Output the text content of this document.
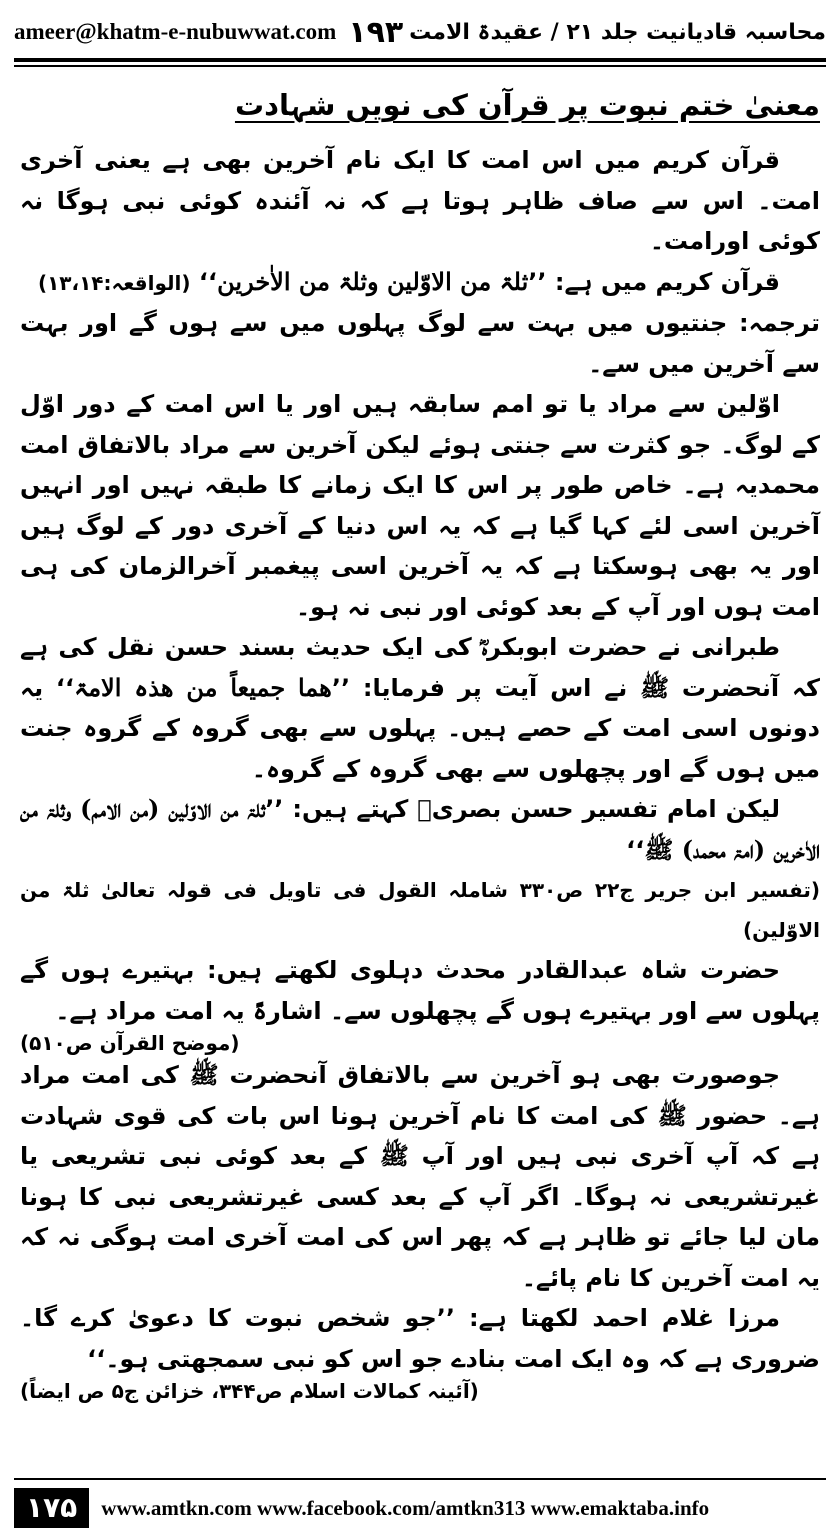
ameer@khatm-e-nubuwwat.com ۱۹۳ محاسبہ قادیانیت جلد ۲۱ / عقیدۃ الامت
معنیٰ ختم نبوت پر قرآن کی نویں شہادت

قرآن کریم میں اس امت کا ایک نام آخرین بھی ہے یعنی آخری امت۔ اس سے صاف ظاہر ہوتا ہے کہ نہ آئندہ کوئی نبی ہوگا نہ کوئی اورامت۔

قرآن کریم میں ہے: ’’ثلۃ من الاوّلین وثلۃ من الاٰخرین‘‘ (الواقعہ:۱۳،۱۴)

ترجمہ: جنتیوں میں بہت سے لوگ پہلوں میں سے ہوں گے اور بہت سے آخرین میں سے۔

اوّلین سے مراد یا تو امم سابقہ ہیں اور یا اس امت کے دور اوّل کے لوگ۔ جو کثرت سے جنتی ہوئے لیکن آخرین سے مراد بالاتفاق امت محمدیہ ہے۔ خاص طور پر اس کا ایک زمانے کا طبقہ نہیں اور انہیں آخرین اسی لئے کہا گیا ہے کہ یہ اس دنیا کے آخری دور کے لوگ ہیں اور یہ بھی ہوسکتا ہے کہ یہ آخرین اسی پیغمبر آخرالزمان کی ہی امت ہوں اور آپ کے بعد کوئی اور نبی نہ ہو۔

طبرانی نے حضرت ابوبکرہؓ کی ایک حدیث بسند حسن نقل کی ہے کہ آنحضرت ﷺ نے اس آیت پر فرمایا: ’’ھما جمیعاً من ھذہ الامۃ‘‘ یہ دونوں اسی امت کے حصے ہیں۔ پہلوں سے بھی گروہ کے گروہ جنت میں ہوں گے اور پچھلوں سے بھی گروہ کے گروہ۔

لیکن امام تفسیر حسن بصریؒ کہتے ہیں: ’’ثلۃ من الاوّلین (من الامم) وثلۃ من الاٰخرین (امۃ محمد) ﷺ‘‘

(تفسیر ابن جریر ج۲۲ ص۳۳۰ شاملہ القول فی تاویل فی قولہ تعالیٰ ثلۃ من الاوّلین)

حضرت شاہ عبدالقادر محدث دہلوی لکھتے ہیں: بہتیرے ہوں گے پہلوں سے اور بہتیرے ہوں گے پچھلوں سے۔ اشارۃً یہ امت مراد ہے۔

(موضح القرآن ص۵۱۰)

جوصورت بھی ہو آخرین سے بالاتفاق آنحضرت ﷺ کی امت مراد ہے۔ حضور ﷺ کی امت کا نام آخرین ہونا اس بات کی قوی شہادت ہے کہ آپ آخری نبی ہیں اور آپ ﷺ کے بعد کوئی نبی تشریعی یا غیرتشریعی نہ ہوگا۔ اگر آپ کے بعد کسی غیرتشریعی نبی کا ہونا مان لیا جائے تو ظاہر ہے کہ پھر اس کی امت آخری امت ہوگی نہ کہ یہ امت آخرین کا نام پائے۔

مرزا غلام احمد لکھتا ہے: ’’جو شخص نبوت کا دعویٰ کرے گا۔ ضروری ہے کہ وہ ایک امت بنادے جو اس کو نبی سمجھتی ہو۔‘‘

(آئینہ کمالات اسلام ص۳۴۴، خزائن ج۵ ص ایضاً)
۱۷۵	www.amtkn.com www.facebook.com/amtkn313 www.emaktaba.info
